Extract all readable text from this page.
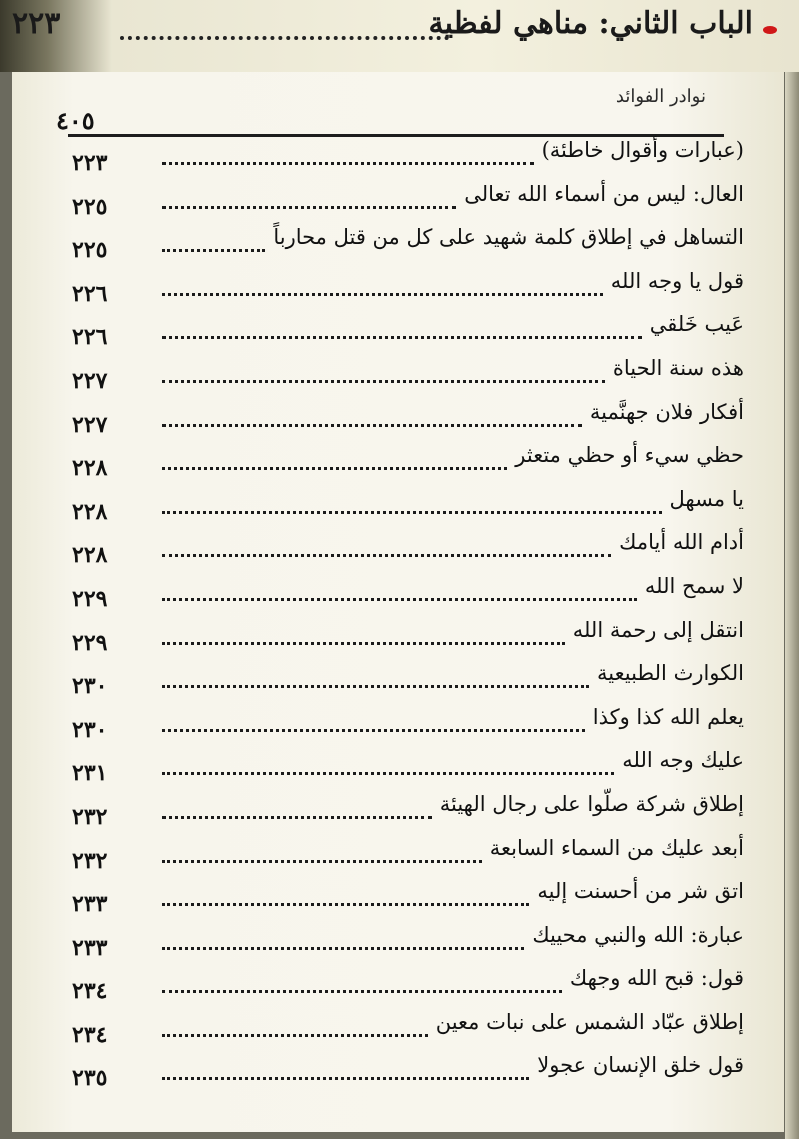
الباب الثاني: مناهي لفظية
٢٢٣
نوادر الفوائد
٤٠٥
(عبارات وأقوال خاطئة)
٢٢٣
العال: ليس من أسماء الله تعالى
٢٢٥
التساهل في إطلاق كلمة شهيد على كل من قتل محارباً
٢٢٥
قول يا وجه الله
٢٢٦
عَيب خَلقي
٢٢٦
هذه سنة الحياة
٢٢٧
أفكار فلان جهنَّمية
٢٢٧
حظي سيء أو حظي متعثر
٢٢٨
يا مسهل
٢٢٨
أدام الله أيامك
٢٢٨
لا سمح الله
٢٢٩
انتقل إلى رحمة الله
٢٢٩
الكوارث الطبيعية
٢٣٠
يعلم الله كذا وكذا
٢٣٠
عليك وجه الله
٢٣١
إطلاق شركة صلّوا على رجال الهيئة
٢٣٢
أبعد عليك من السماء السابعة
٢٣٢
اتق شر من أحسنت إليه
٢٣٣
عبارة: الله والنبي محييك
٢٣٣
قول: قبح الله وجهك
٢٣٤
إطلاق عبّاد الشمس على نبات معين
٢٣٤
قول خلق الإنسان عجولا
٢٣٥
